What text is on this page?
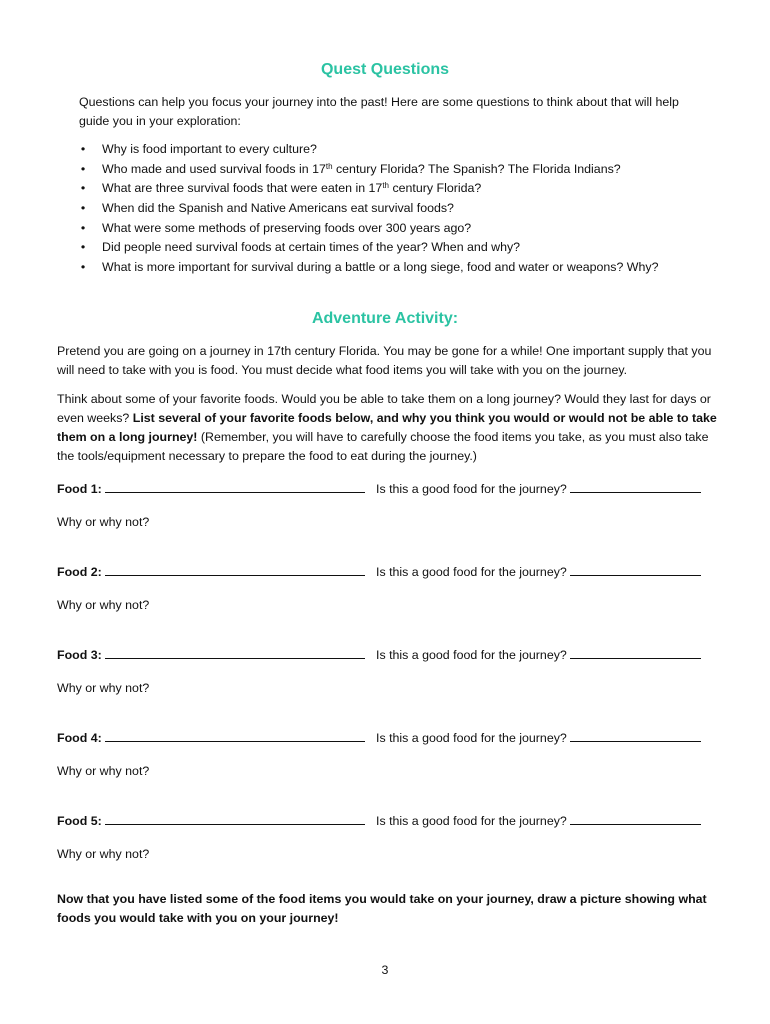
Quest Questions

Questions can help you focus your journey into the past! Here are some questions to think about that will help guide you in your exploration:

• Why is food important to every culture?
• Who made and used survival foods in 17th century Florida? The Spanish? The Florida Indians?
• What are three survival foods that were eaten in 17th century Florida?
• When did the Spanish and Native Americans eat survival foods?
• What were some methods of preserving foods over 300 years ago?
• Did people need survival foods at certain times of the year? When and why?
• What is more important for survival during a battle or a long siege, food and water or weapons? Why?
Adventure Activity:

Pretend you are going on a journey in 17th century Florida. You may be gone for a while! One important supply that you will need to take with you is food. You must decide what food items you will take with you on the journey.

Think about some of your favorite foods. Would you be able to take them on a long journey? Would they last for days or even weeks? List several of your favorite foods below, and why you think you would or would not be able to take them on a long journey! (Remember, you will have to carefully choose the food items you take, as you must also take the tools/equipment necessary to prepare the food to eat during the journey.)

Food 1:	Is this a good food for the journey?
Why or why not?
Food 2:	Is this a good food for the journey?
Why or why not?
Food 3:	Is this a good food for the journey?
Why or why not?
Food 4:	Is this a good food for the journey?
Why or why not?
Food 5:	Is this a good food for the journey?
Why or why not?

Now that you have listed some of the food items you would take on your journey, draw a picture showing what foods you would take with you on your journey!

3
